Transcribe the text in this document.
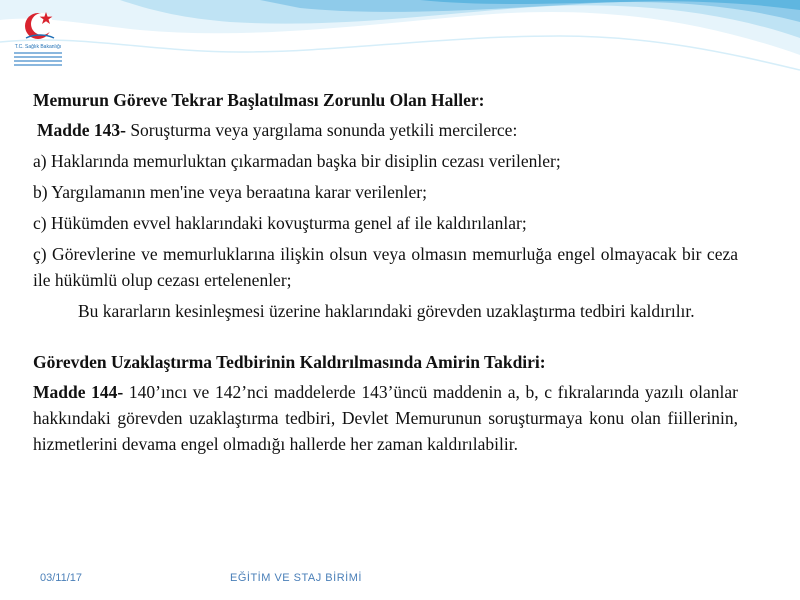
T.C. Sağlık Bakanlığı

Memurun Göreve Tekrar Başlatılması Zorunlu Olan Haller:

Madde 143- Soruşturma veya yargılama sonunda yetkili mercilerce:

a) Haklarında memurluktan çıkarmadan başka bir disiplin cezası verilenler;

b) Yargılamanın men'ine veya beraatına karar verilenler;

c) Hükümden evvel haklarındaki kovuşturma genel af ile kaldırılanlar;

ç) Görevlerine ve memurluklarına ilişkin olsun veya olmasın memurluğa engel olmayacak bir ceza ile hükümlü olup cezası ertelenenler;

Bu kararların kesinleşmesi üzerine haklarındaki görevden uzaklaştırma tedbiri kaldırılır.

Görevden Uzaklaştırma Tedbirinin Kaldırılmasında Amirin Takdiri:

Madde 144- 140’ıncı ve 142’nci maddelerde 143’üncü maddenin a, b, c fıkralarında yazılı olanlar hakkındaki görevden uzaklaştırma tedbiri, Devlet Memurunun soruşturmaya konu olan fiillerinin, hizmetlerini devama engel olmadığı hallerde her zaman kaldırılabilir.

03/11/17	EĞİTİM VE STAJ BİRİMİ
